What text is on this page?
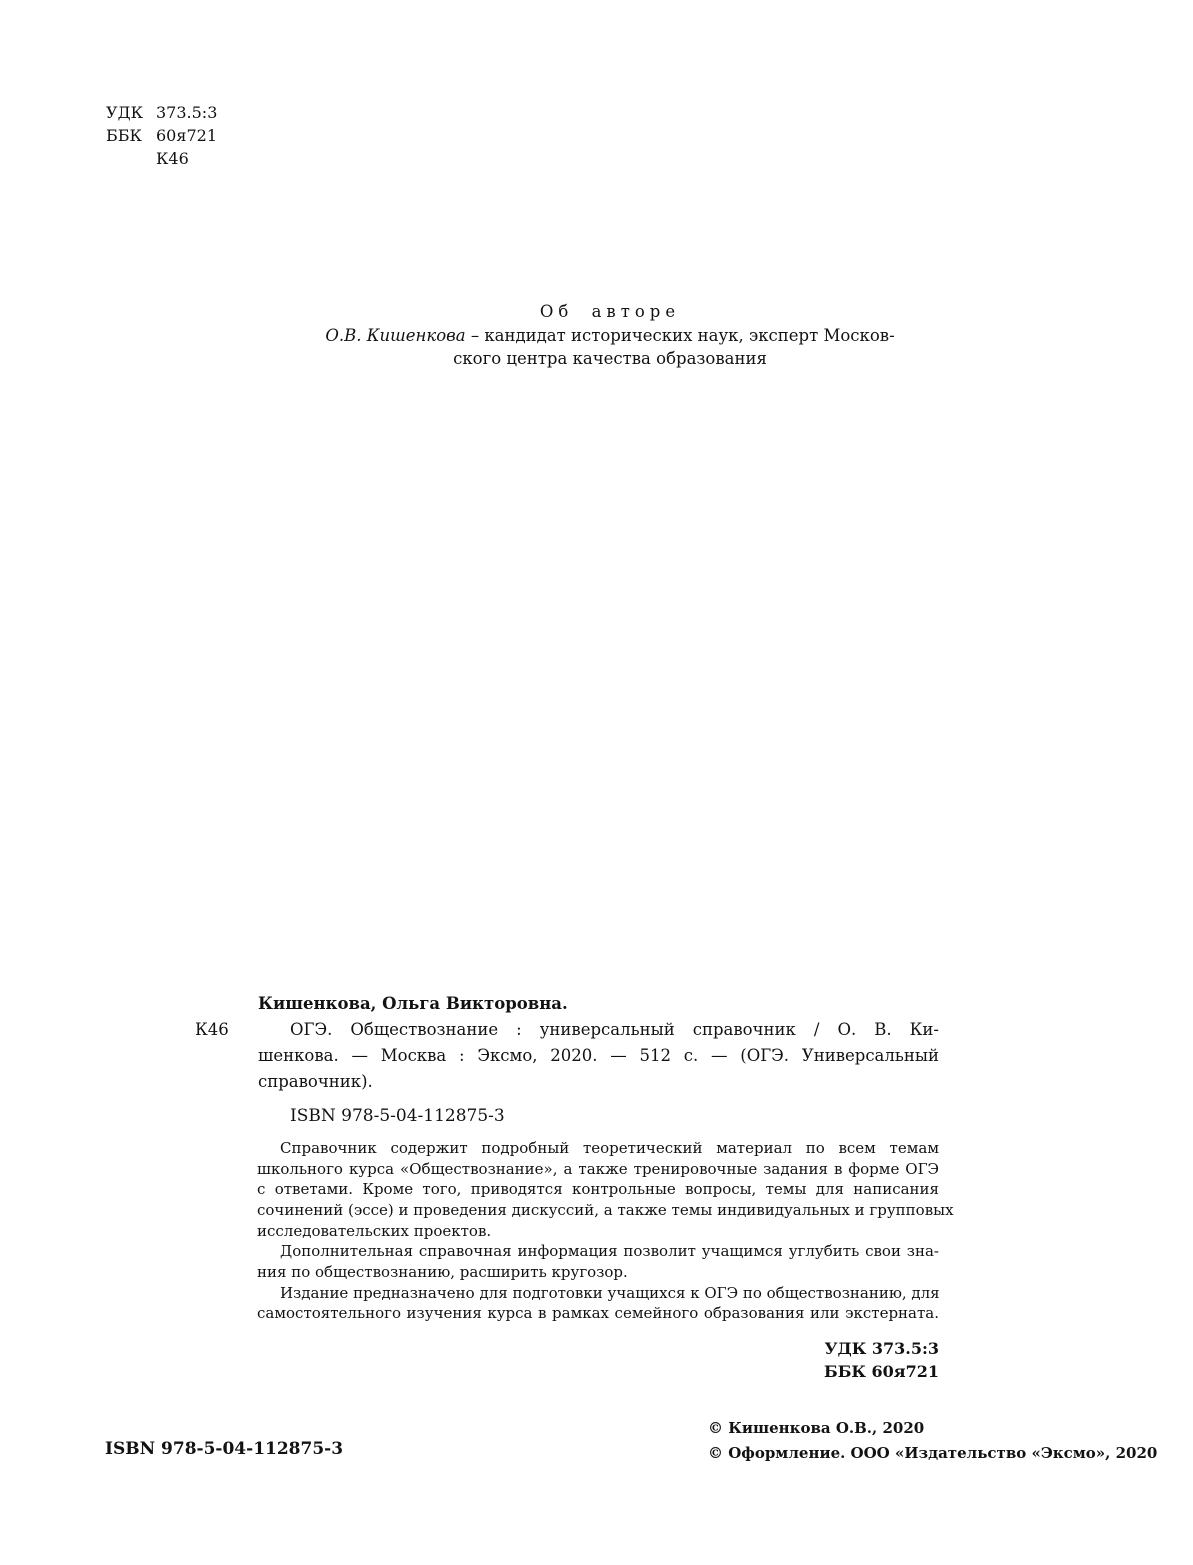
УДК 373.5:3
ББК 60я721
К46
Об авторе
О.В. Кишенкова – кандидат исторических наук, эксперт Москов-
ского центра качества образования
Кишенкова, Ольга Викторовна.
К46	ОГЭ. Обществознание : универсальный справочник / О. В. Ки-
шенкова. — Москва : Эксмо, 2020. — 512 с. — (ОГЭ. Универсальный
справочник).
ISBN 978-5-04-112875-3
Справочник содержит подробный теоретический материал по всем темам
школьного курса «Обществознание», а также тренировочные задания в форме ОГЭ
с ответами. Кроме того, приводятся контрольные вопросы, темы для написания
сочинений (эссе) и проведения дискуссий, а также темы индивидуальных и групповых
исследовательских проектов.
Дополнительная справочная информация позволит учащимся углубить свои зна-
ния по обществознанию, расширить кругозор.
Издание предназначено для подготовки учащихся к ОГЭ по обществознанию, для
самостоятельного изучения курса в рамках семейного образования или экстерната.
УДК 373.5:3
ББК 60я721
ISBN 978-5-04-112875-3
© Кишенкова О.В., 2020
© Оформление. ООО «Издательство «Эксмо», 2020
